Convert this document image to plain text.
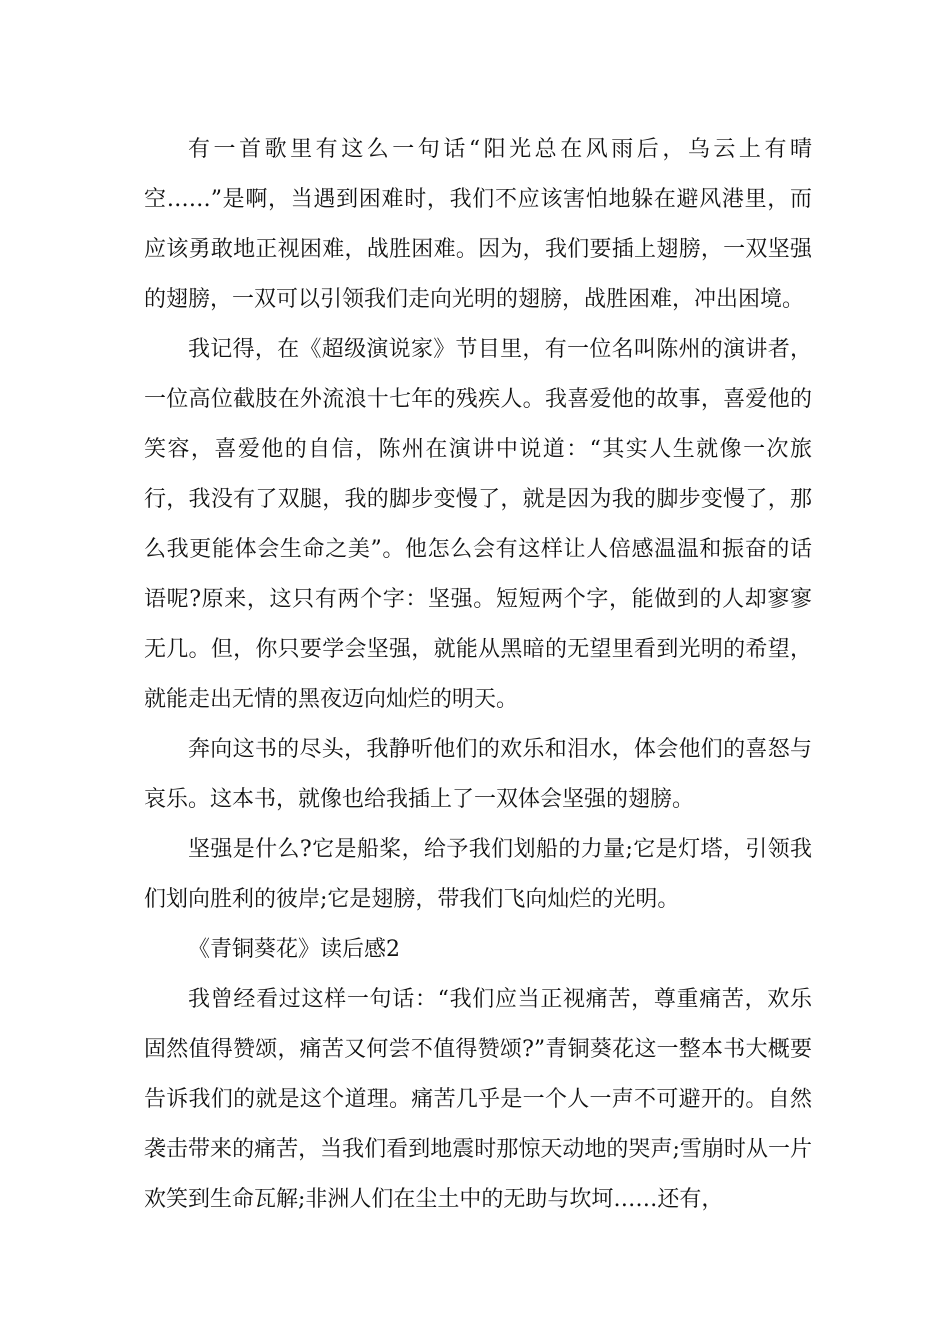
有一首歌里有这么一句话“阳光总在风雨后，乌云上有晴空……”是啊，当遇到困难时，我们不应该害怕地躲在避风港里，而应该勇敢地正视困难，战胜困难。因为，我们要插上翅膀，一双坚强的翅膀，一双可以引领我们走向光明的翅膀，战胜困难，冲出困境。

我记得，在《超级演说家》节目里，有一位名叫陈州的演讲者，一位高位截肢在外流浪十七年的残疾人。我喜爱他的故事，喜爱他的笑容，喜爱他的自信，陈州在演讲中说道：“其实人生就像一次旅行，我没有了双腿，我的脚步变慢了，就是因为我的脚步变慢了，那么我更能体会生命之美”。他怎么会有这样让人倍感温温和振奋的话语呢?原来，这只有两个字：坚强。短短两个字，能做到的人却寥寥无几。但，你只要学会坚强，就能从黑暗的无望里看到光明的希望，就能走出无情的黑夜迈向灿烂的明天。

奔向这书的尽头，我静听他们的欢乐和泪水，体会他们的喜怒与哀乐。这本书，就像也给我插上了一双体会坚强的翅膀。

坚强是什么?它是船桨，给予我们划船的力量;它是灯塔，引领我们划向胜利的彼岸;它是翅膀，带我们飞向灿烂的光明。

《青铜葵花》读后感2

我曾经看过这样一句话：“我们应当正视痛苦，尊重痛苦，欢乐固然值得赞颂，痛苦又何尝不值得赞颂?”青铜葵花这一整本书大概要告诉我们的就是这个道理。痛苦几乎是一个人一声不可避开的。自然袭击带来的痛苦，当我们看到地震时那惊天动地的哭声;雪崩时从一片欢笑到生命瓦解;非洲人们在尘土中的无助与坎坷……还有，
